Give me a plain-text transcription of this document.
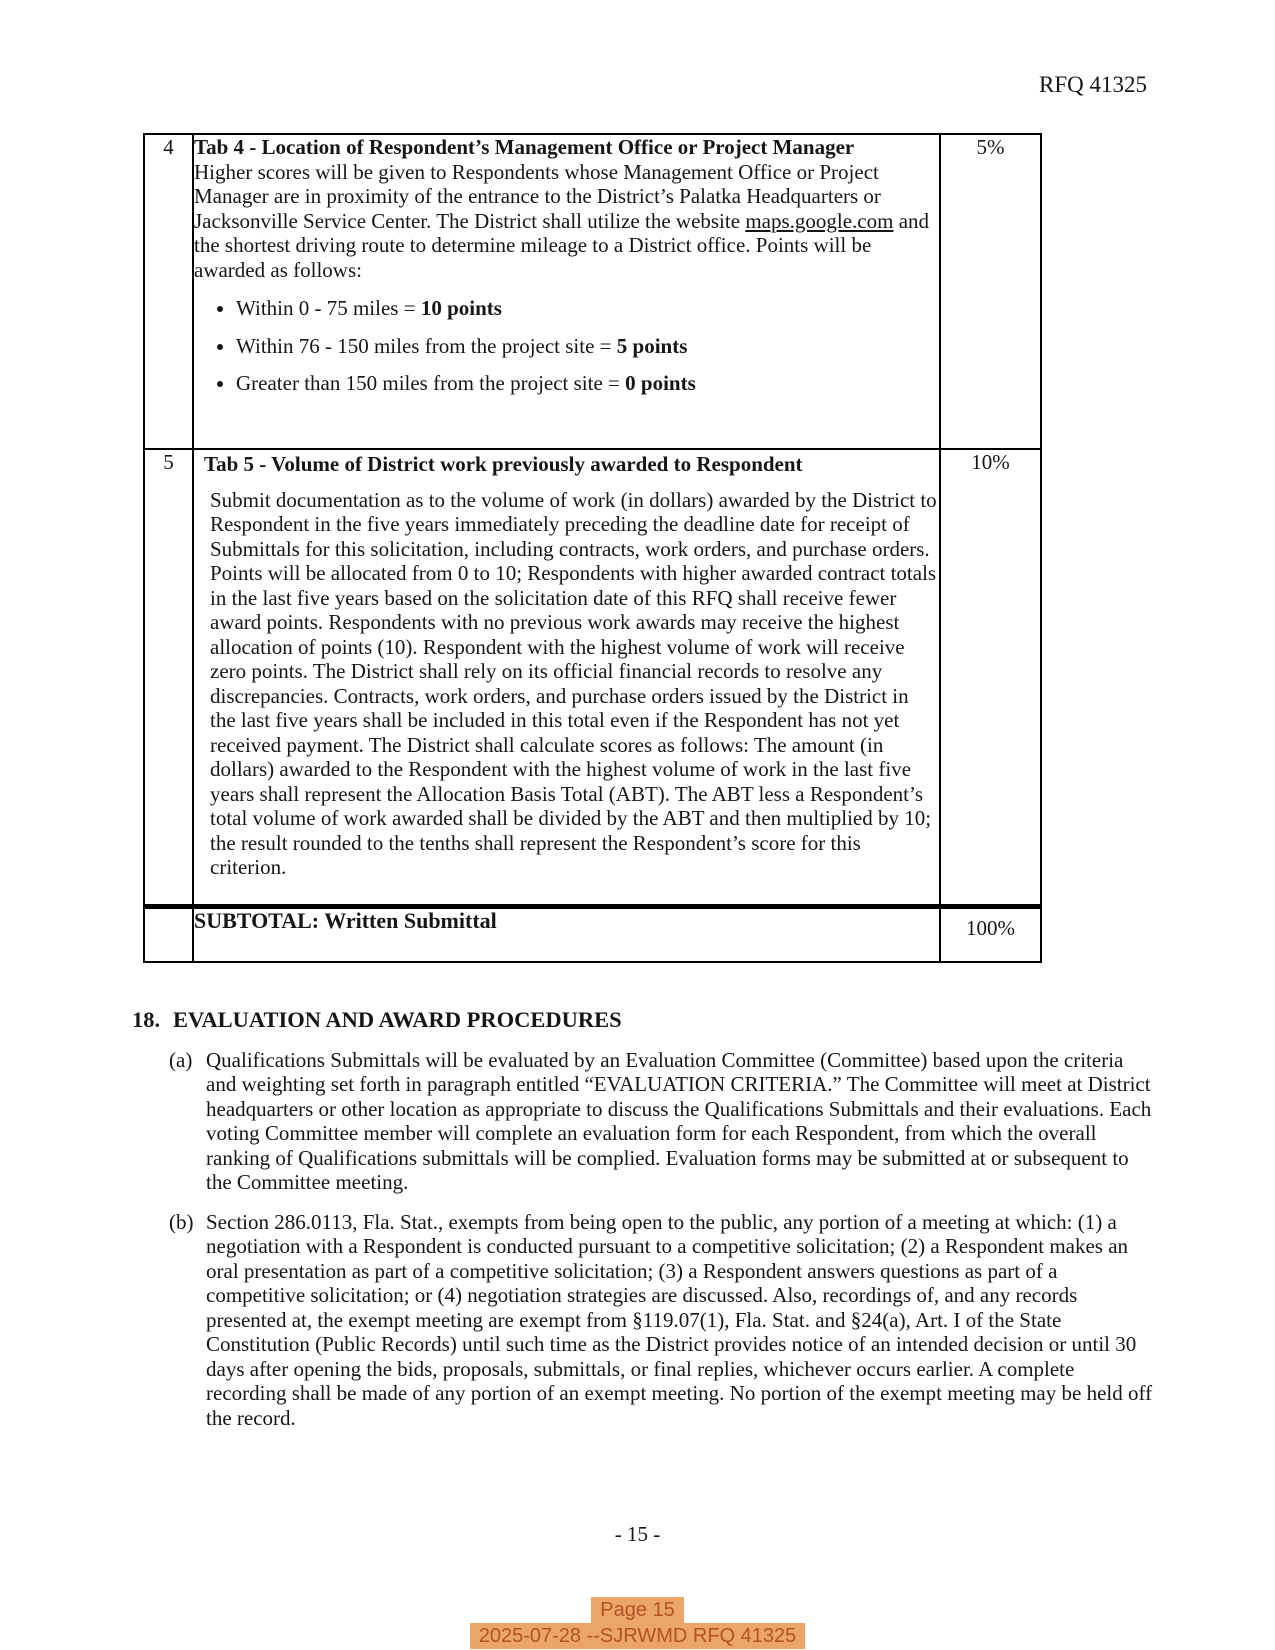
RFQ 41325
4	Tab 4 - Location of Respondent’s Management Office or Project Manager
Higher scores will be given to Respondents whose Management Office or Project Manager are in proximity of the entrance to the District’s Palatka Headquarters or Jacksonville Service Center. The District shall utilize the website maps.google.com and the shortest driving route to determine mileage to a District office. Points will be awarded as follows:
• Within 0 - 75 miles = 10 points
• Within 76 - 150 miles from the project site = 5 points
• Greater than 150 miles from the project site = 0 points
	5%
5	Tab 5 - Volume of District work previously awarded to Respondent
Submit documentation as to the volume of work (in dollars) awarded by the District to Respondent in the five years immediately preceding the deadline date for receipt of Submittals for this solicitation, including contracts, work orders, and purchase orders. Points will be allocated from 0 to 10; Respondents with higher awarded contract totals in the last five years based on the solicitation date of this RFQ shall receive fewer award points. Respondents with no previous work awards may receive the highest allocation of points (10). Respondent with the highest volume of work will receive zero points. The District shall rely on its official financial records to resolve any discrepancies. Contracts, work orders, and purchase orders issued by the District in the last five years shall be included in this total even if the Respondent has not yet received payment. The District shall calculate scores as follows: The amount (in dollars) awarded to the Respondent with the highest volume of work in the last five years shall represent the Allocation Basis Total (ABT). The ABT less a Respondent’s total volume of work awarded shall be divided by the ABT and then multiplied by 10; the result rounded to the tenths shall represent the Respondent’s score for this criterion.	10%
	SUBTOTAL: Written Submittal	100%
18. EVALUATION AND AWARD PROCEDURES
(a) Qualifications Submittals will be evaluated by an Evaluation Committee (Committee) based upon the criteria and weighting set forth in paragraph entitled “EVALUATION CRITERIA.” The Committee will meet at District headquarters or other location as appropriate to discuss the Qualifications Submittals and their evaluations. Each voting Committee member will complete an evaluation form for each Respondent, from which the overall ranking of Qualifications submittals will be complied. Evaluation forms may be submitted at or subsequent to the Committee meeting.
(b) Section 286.0113, Fla. Stat., exempts from being open to the public, any portion of a meeting at which: (1) a negotiation with a Respondent is conducted pursuant to a competitive solicitation; (2) a Respondent makes an oral presentation as part of a competitive solicitation; (3) a Respondent answers questions as part of a competitive solicitation; or (4) negotiation strategies are discussed. Also, recordings of, and any records presented at, the exempt meeting are exempt from §119.07(1), Fla. Stat. and §24(a), Art. I of the State Constitution (Public Records) until such time as the District provides notice of an intended decision or until 30 days after opening the bids, proposals, submittals, or final replies, whichever occurs earlier. A complete recording shall be made of any portion of an exempt meeting. No portion of the exempt meeting may be held off the record.
- 15 -
Page 15
2025-07-28 --SJRWMD RFQ 41325
